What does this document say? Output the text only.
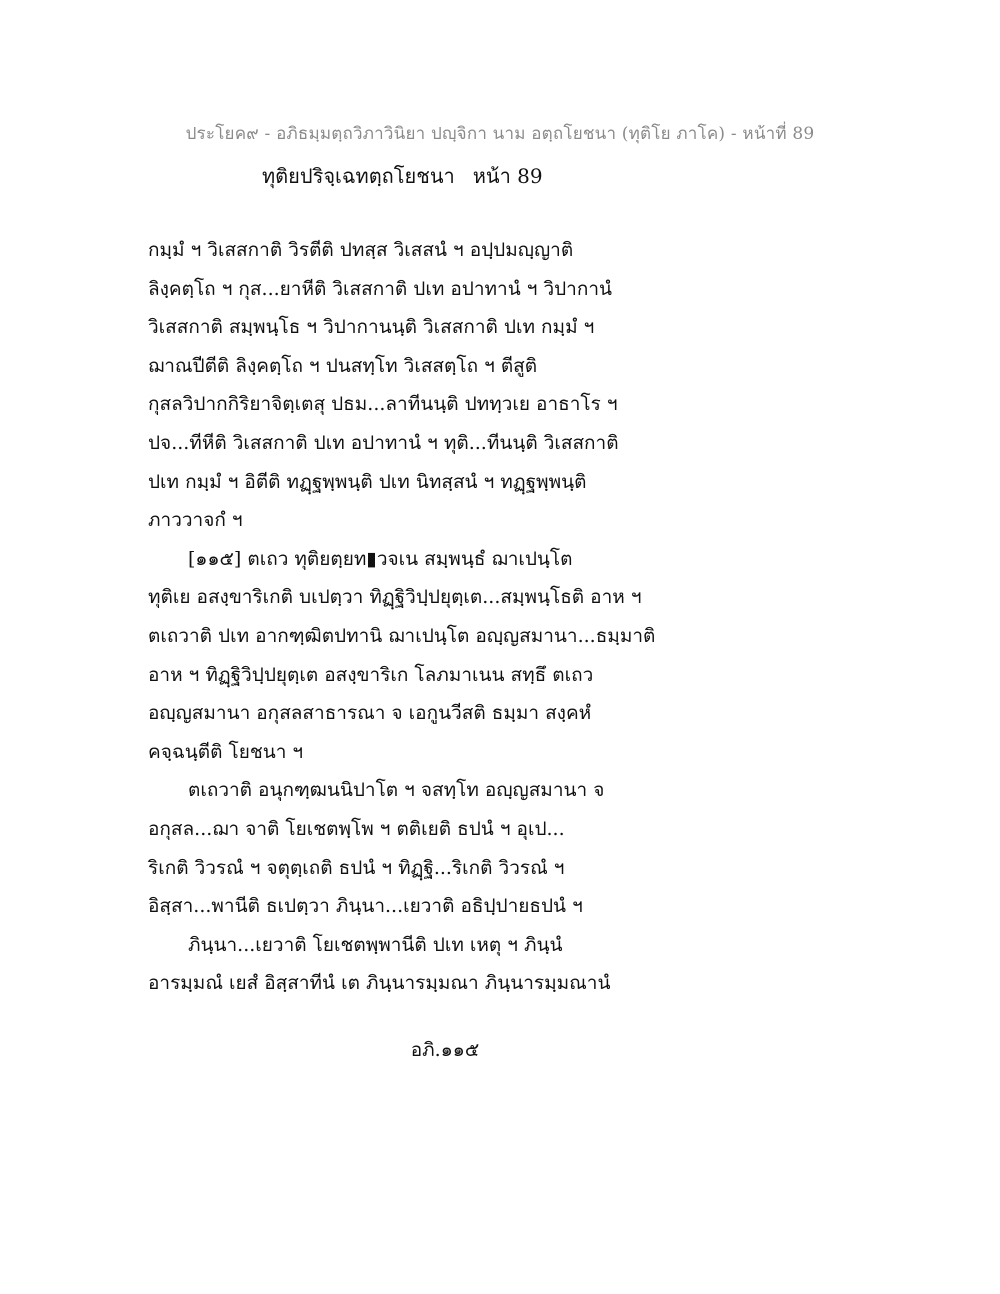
ประโยค๙ - อภิธมฺมตฺถวิภาวินิยา ปญฺจิกา นาม อตฺถโยชนา (ทุติโย ภาโค) - หน้าที่ 89
ทุติยปริจฺเฉทตฺถโยชนา หน้า 89
กมฺมํ ฯ วิเสสกาติ วิรตีติ ปทสฺส วิเสสนํ ฯ อปฺปมญฺญาติ
ลิงฺคตฺโถ ฯ กุส...ยาหีติ วิเสสกาติ ปเท อปาทานํ ฯ วิปากานํ
วิเสสกาติ สมฺพนฺโธ ฯ วิปากานนฺติ วิเสสกาติ ปเท กมฺมํ ฯ
ฌาณปีตีติ ลิงฺคตฺโถ ฯ ปนสทฺโท วิเสสตฺโถ ฯ ตีสูติ
กุสลวิปากกิริยาจิตฺเตสุ ปธม...ลาทีนนฺติ ปททฺวเย อาธาโร ฯ
ปจ...ทีหีติ วิเสสกาติ ปเท อปาทานํ ฯ ทุติ...ทีนนฺติ วิเสสกาติ
ปเท กมฺมํ ฯ อิตีติ ทฏฺฐพฺพนฺติ ปเท นิทสฺสนํ ฯ ทฏฺฐพฺพนฺติ
ภาววาจกํ ฯ
[๑๑๕] ตเถว ทุติยตฺยท▮วจเน สมฺพนฺธํ ฌาเปนฺโต
ทุติเย อสงฺขาริเกติ บเปตฺวา ทิฏฺฐิวิปฺปยุตฺเต...สมฺพนฺโธติ อาห ฯ
ตเถวาติ ปเท อากฑฺฒิตปทานิ ฌาเปนฺโต อญฺญสมานา...ธมฺมาติ
อาห ฯ ทิฏฺฐิวิปฺปยุตฺเต อสงฺขาริเก โลภมาเนน สทฺธึ ตเถว
อญฺญสมานา อกุสลสาธารณา จ เอกูนวีสติ ธมฺมา สงฺคหํ
คจฺฉนฺตีติ โยชนา ฯ
ตเถวาติ อนุกฑฺฒนนิปาโต ฯ จสทฺโท อญฺญสมานา จ
อกุสล...ฌา จาติ โยเชตพฺโพ ฯ ตติเยติ ธปนํ ฯ อุเป...
ริเกติ วิวรณํ ฯ จตุตฺเถติ ธปนํ ฯ ทิฏฺฐิ...ริเกติ วิวรณํ ฯ
อิสฺสา...พานีติ ธเปตฺวา ภินฺนา...เยวาติ อธิปฺปายธปนํ ฯ
ภินฺนา...เยวาติ โยเชตพฺพานีติ ปเท เหตุ ฯ ภินฺนํ
อารมฺมณํ เยสํ อิสฺสาทีนํ เต ภินฺนารมฺมณา ภินฺนารมฺมณานํ
อภิ.๑๑๕
